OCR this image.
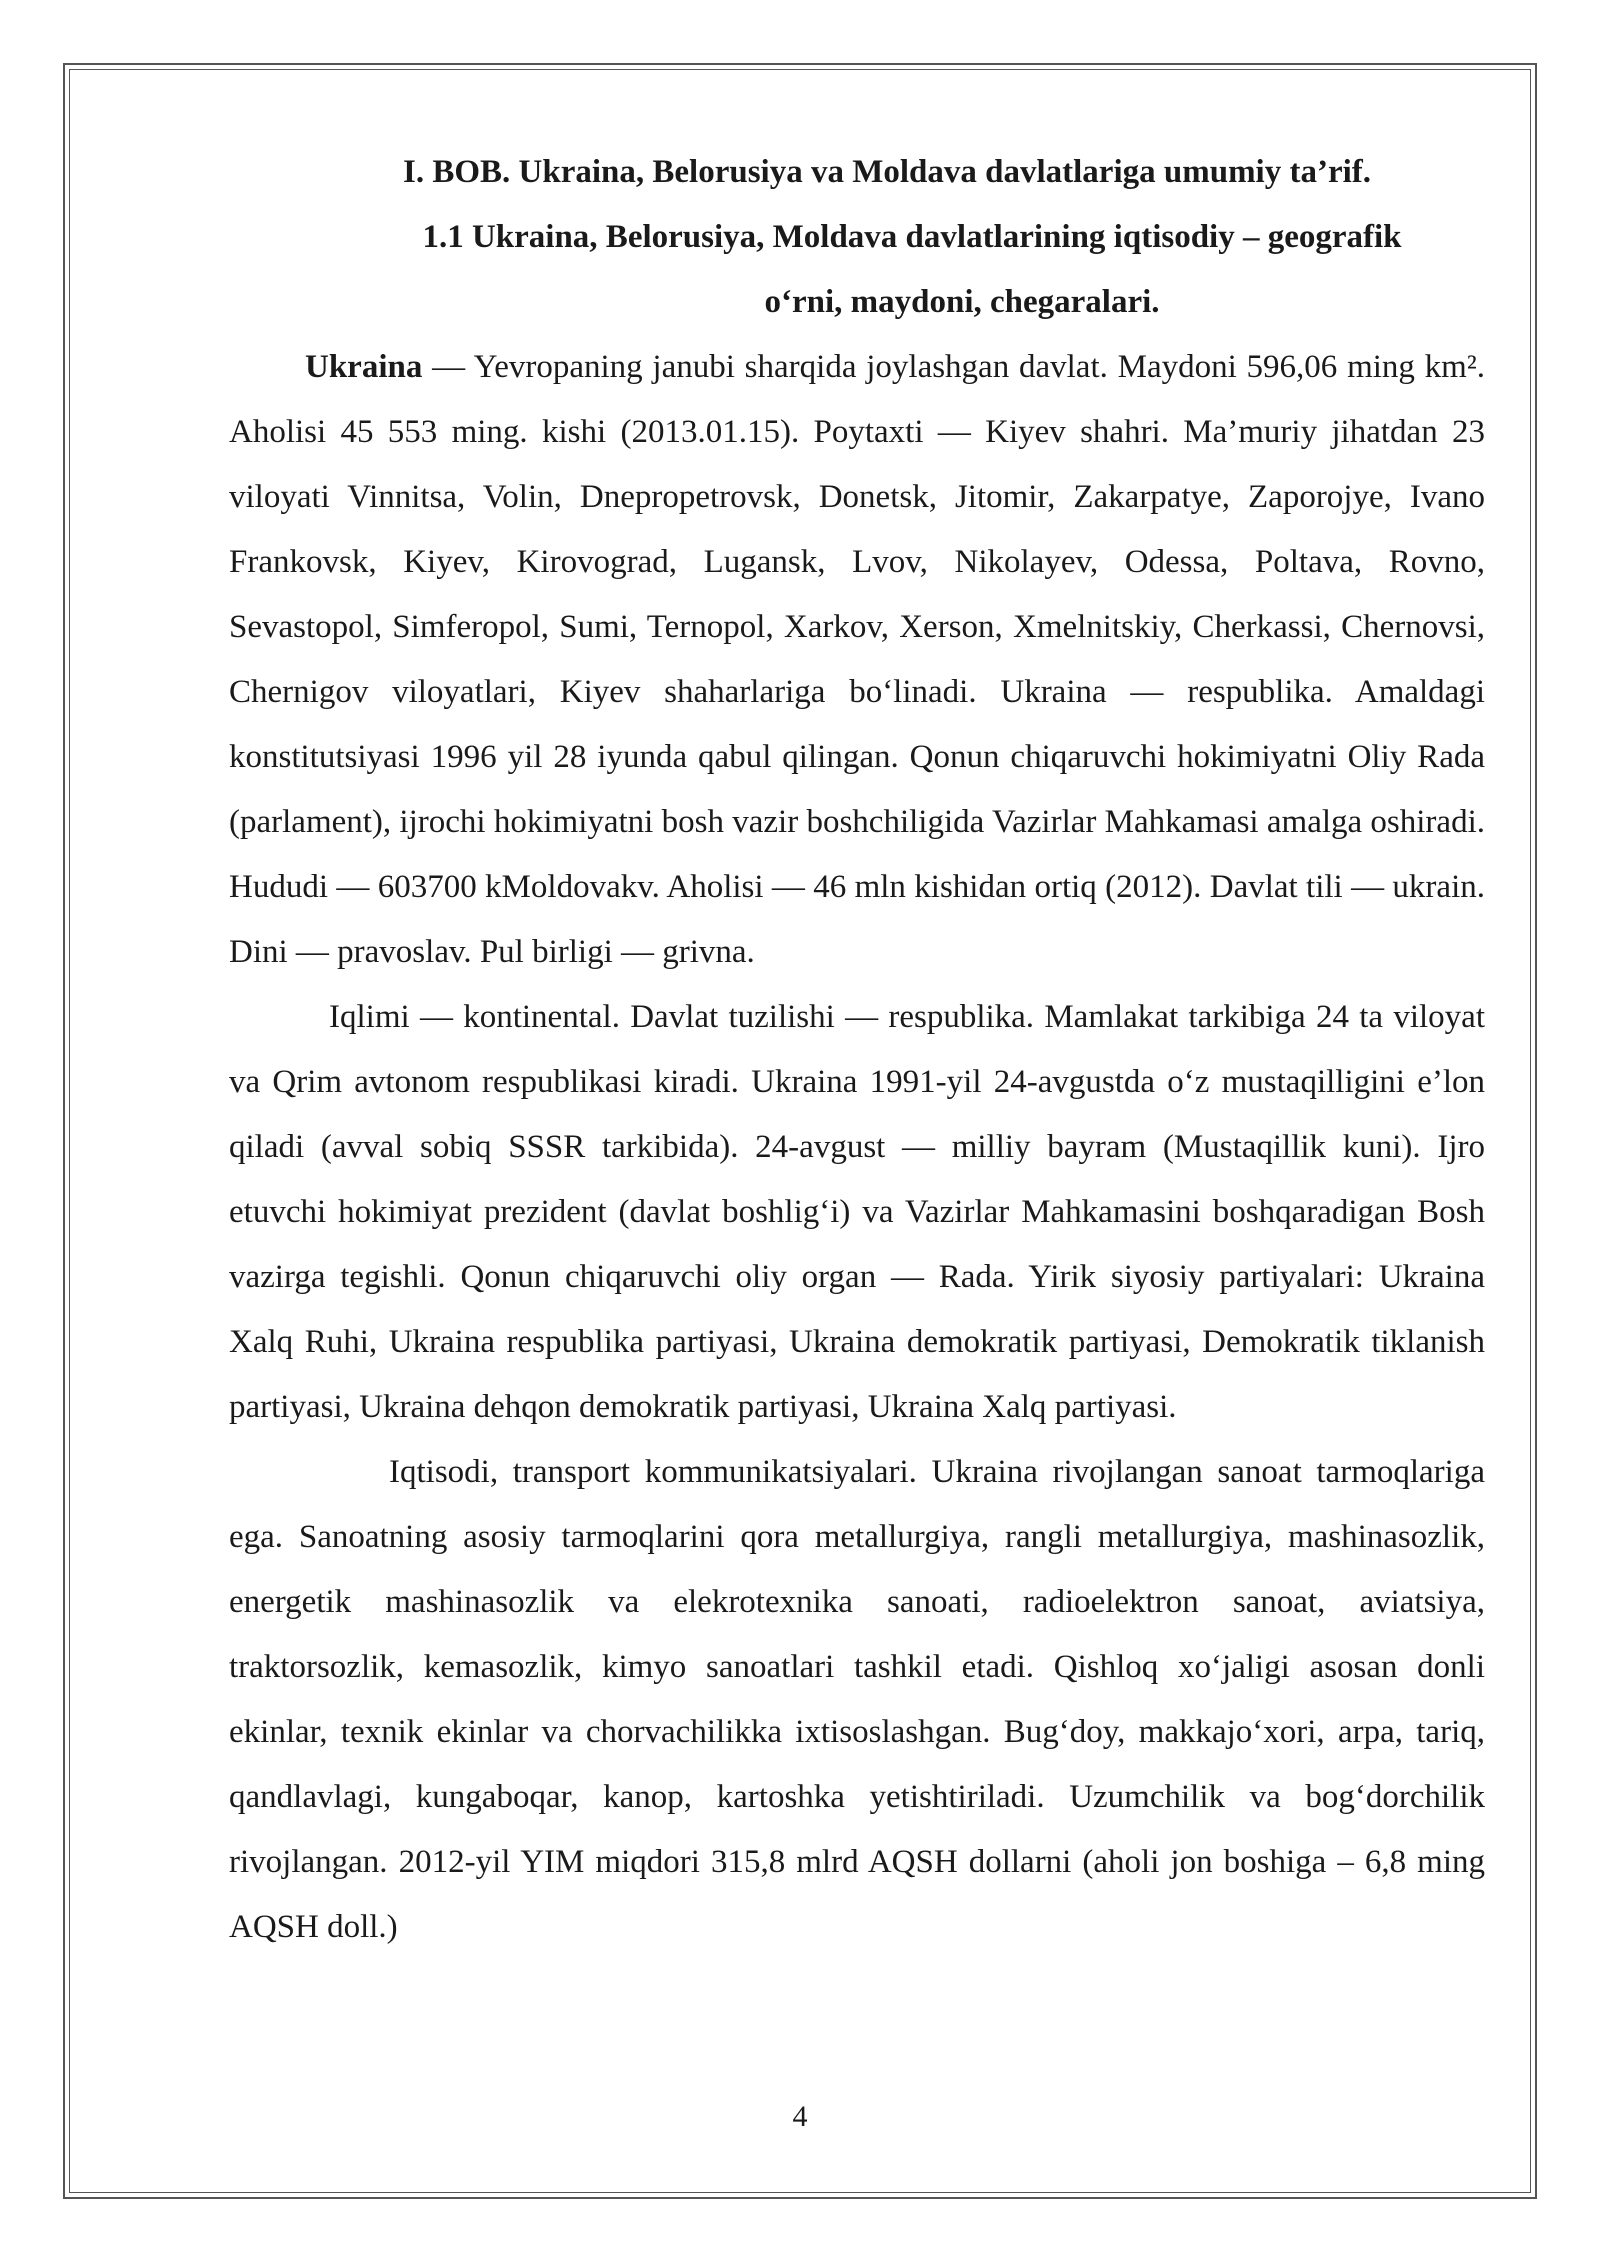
I. BOB. Ukraina, Belorusiya va Moldava davlatlariga umumiy ta’rif.
1.1 Ukraina, Belorusiya, Moldava davlatlarining iqtisodiy – geografik
o‘rni, maydoni, chegaralari.

Ukraina — Yevropaning janubi sharqida joylashgan davlat. Maydoni 596,06 ming km². Aholisi 45 553 ming. kishi (2013.01.15). Poytaxti — Kiyev shahri. Ma’muriy jihatdan 23 viloyati Vinnitsa, Volin, Dnepropetrovsk, Donetsk, Jitomir, Zakarpatye, Zaporojye, Ivano Frankovsk, Kiyev, Kirovograd, Lugansk, Lvov, Nikolayev, Odessa, Poltava, Rovno, Sevastopol, Simferopol, Sumi, Ternopol, Xarkov, Xerson, Xmelnitskiy, Cherkassi, Chernovsi, Chernigov viloyatlari, Kiyev shaharlariga bo‘linadi. Ukraina — respublika. Amaldagi konstitutsiyasi 1996 yil 28 iyunda qabul qilingan. Qonun chiqaruvchi hokimiyatni Oliy Rada (parlament), ijrochi hokimiyatni bosh vazir boshchiligida Vazirlar Mahkamasi amalga oshiradi. Hududi — 603700 kMoldovakv. Aholisi — 46 mln kishidan ortiq (2012). Davlat tili — ukrain. Dini — pravoslav. Pul birligi — grivna.

Iqlimi — kontinental. Davlat tuzilishi — respublika. Mamlakat tarkibiga 24 ta viloyat va Qrim avtonom respublikasi kiradi. Ukraina 1991-yil 24-avgustda o‘z mustaqilligini e’lon qiladi (avval sobiq SSSR tarkibida). 24-avgust — milliy bayram (Mustaqillik kuni). Ijro etuvchi hokimiyat prezident (davlat boshlig‘i) va Vazirlar Mahkamasini boshqaradigan Bosh vazirga tegishli. Qonun chiqaruvchi oliy organ — Rada. Yirik siyosiy partiyalari: Ukraina Xalq Ruhi, Ukraina respublika partiyasi, Ukraina demokratik partiyasi, Demokratik tiklanish partiyasi, Ukraina dehqon demokratik partiyasi, Ukraina Xalq partiyasi.

Iqtisodi, transport kommunikatsiyalari. Ukraina rivojlangan sanoat tarmoqlariga ega. Sanoatning asosiy tarmoqlarini qora metallurgiya, rangli metallurgiya, mashinasozlik, energetik mashinasozlik va elekrotexnika sanoati, radioelektron sanoat, aviatsiya, traktorsozlik, kemasozlik, kimyo sanoatlari tashkil etadi. Qishloq xo‘jaligi asosan donli ekinlar, texnik ekinlar va chorvachilikka ixtisoslashgan. Bug‘doy, makkajo‘xori, arpa, tariq, qandlavlagi, kungaboqar, kanop, kartoshka yetishtiriladi. Uzumchilik va bog‘dorchilik rivojlangan. 2012-yil YIM miqdori 315,8 mlrd AQSH dollarni (aholi jon boshiga – 6,8 ming AQSH doll.)

4
